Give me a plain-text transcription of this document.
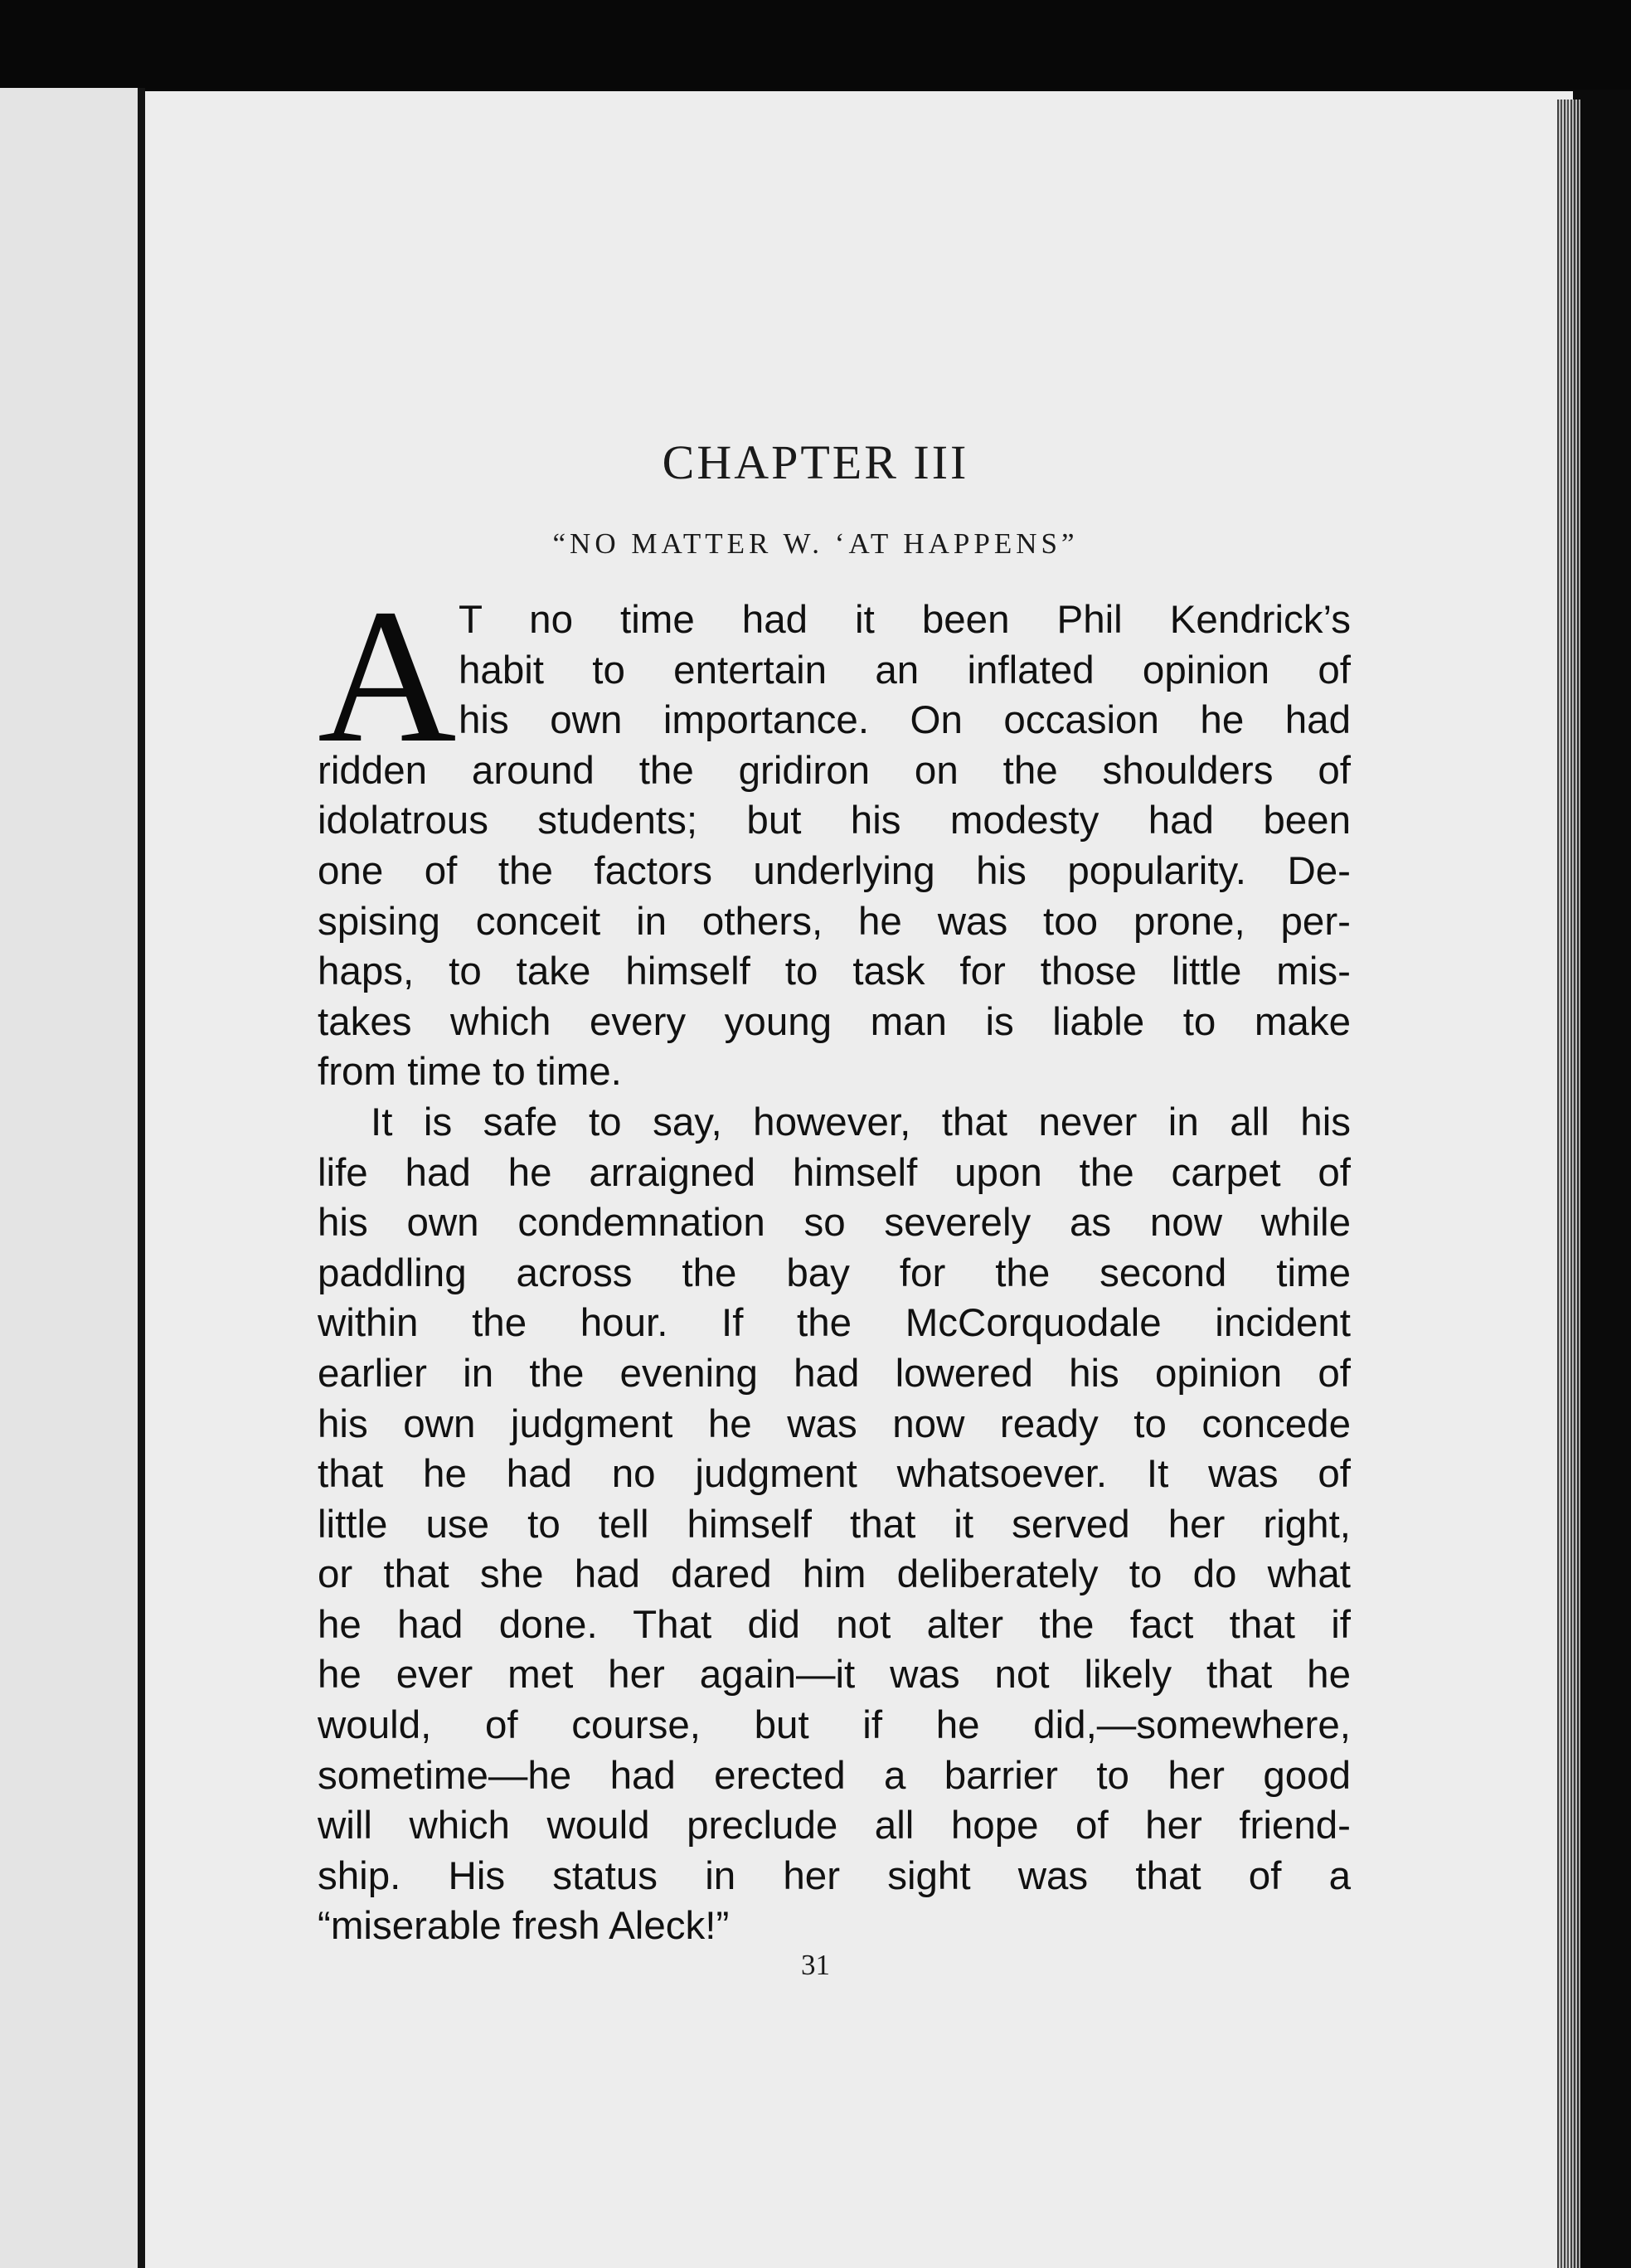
CHAPTER III
“NO MATTER W. ‘AT HAPPENS”
A T no time had it been Phil Kendrick’s
habit to entertain an inflated opinion of
his own importance. On occasion he had
ridden around the gridiron on the shoulders of
idolatrous students; but his modesty had been
one of the factors underlying his popularity. De-
spising conceit in others, he was too prone, per-
haps, to take himself to task for those little mis-
takes which every young man is liable to make
from time to time.
It is safe to say, however, that never in all his
life had he arraigned himself upon the carpet of
his own condemnation so severely as now while
paddling across the bay for the second time
within the hour. If the McCorquodale incident
earlier in the evening had lowered his opinion of
his own judgment he was now ready to concede
that he had no judgment whatsoever. It was of
little use to tell himself that it served her right,
or that she had dared him deliberately to do what
he had done. That did not alter the fact that if
he ever met her again—it was not likely that he
would, of course, but if he did,—somewhere,
sometime—he had erected a barrier to her good
will which would preclude all hope of her friend-
ship. His status in her sight was that of a
“miserable fresh Aleck!”
31
